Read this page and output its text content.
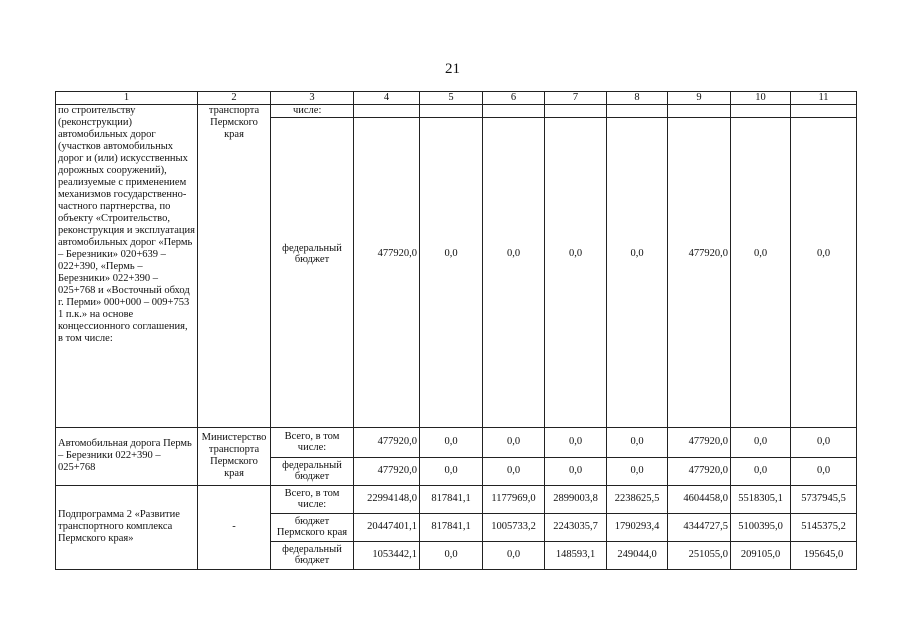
21
1	2	3	4	5	6	7	8	9	10	11
по строительству (реконструкции) автомобильных дорог (участков автомобильных дорог и (или) искусственных дорожных сооружений), реализуемые с применением механизмов государственно-частного партнерства, по объекту «Строительство, реконструкция и эксплуатация автомобильных дорог «Пермь – Березники» 020+639 – 022+390, «Пермь – Березники» 022+390 – 025+768 и «Восточный обход г. Перми» 000+000 – 009+753 1 п.к.» на основе концессионного соглашения, в том числе:	транспорта Пермского края	числе:								
		федеральный бюджет	477920,0	0,0	0,0	0,0	0,0	477920,0	0,0	0,0
Автомобильная дорога Пермь – Березники 022+390 – 025+768	Министерство транспорта Пермского края	Всего, в том числе:	477920,0	0,0	0,0	0,0	0,0	477920,0	0,0	0,0
		федеральный бюджет	477920,0	0,0	0,0	0,0	0,0	477920,0	0,0	0,0
Подпрограмма 2 «Развитие транспортного комплекса Пермского края»	-	Всего, в том числе:	22994148,0	817841,1	1177969,0	2899003,8	2238625,5	4604458,0	5518305,1	5737945,5
		бюджет Пермского края	20447401,1	817841,1	1005733,2	2243035,7	1790293,4	4344727,5	5100395,0	5145375,2
		федеральный бюджет	1053442,1	0,0	0,0	148593,1	249044,0	251055,0	209105,0	195645,0
